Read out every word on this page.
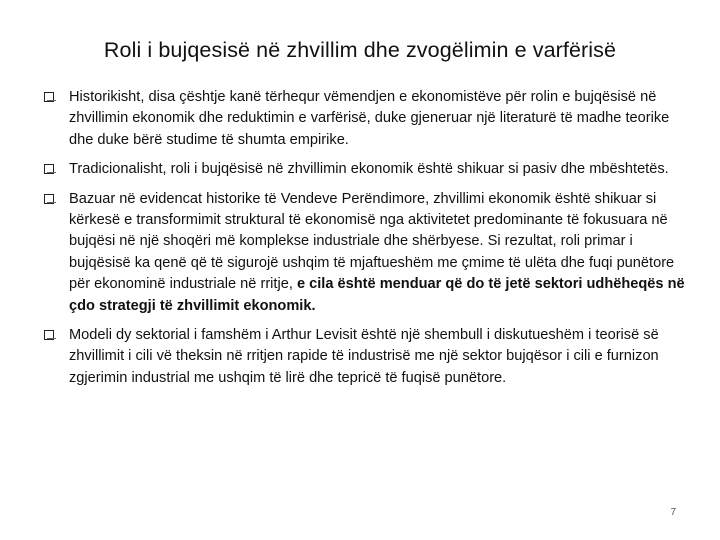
Roli i bujqesisë në zhvillim dhe zvogëlimin e varfërisë
Historikisht, disa çështje kanë tërhequr vëmendjen e ekonomistëve për rolin e bujqësisë në zhvillimin ekonomik dhe reduktimin e varfërisë, duke gjeneruar një literaturë të madhe teorike dhe duke bërë studime të shumta empirike.
Tradicionalisht, roli i bujqësisë në zhvillimin ekonomik është shikuar si pasiv dhe mbështetës.
Bazuar në evidencat historike të Vendeve Perëndimore, zhvillimi ekonomik është shikuar si kërkesë e transformimit struktural të ekonomisë nga aktivitetet predominante të fokusuara në bujqësi në një shoqëri më komplekse industriale dhe shërbyese. Si rezultat, roli primar i bujqësisë ka qenë që të sigurojë ushqim të mjaftueshëm me çmime të ulëta dhe fuqi punëtore për ekonominë industriale në rritje, e cila është menduar që do të jetë sektori udhëheqës në çdo strategji të zhvillimit ekonomik.
Modeli dy sektorial i famshëm i Arthur Levisit është një shembull i diskutueshëm i teorisë së zhvillimit i cili vë theksin në rritjen rapide të industrisë me një sektor bujqësor i cili e furnizon zgjerimin industrial me ushqim të lirë dhe tepricë të fuqisë punëtore.

7
